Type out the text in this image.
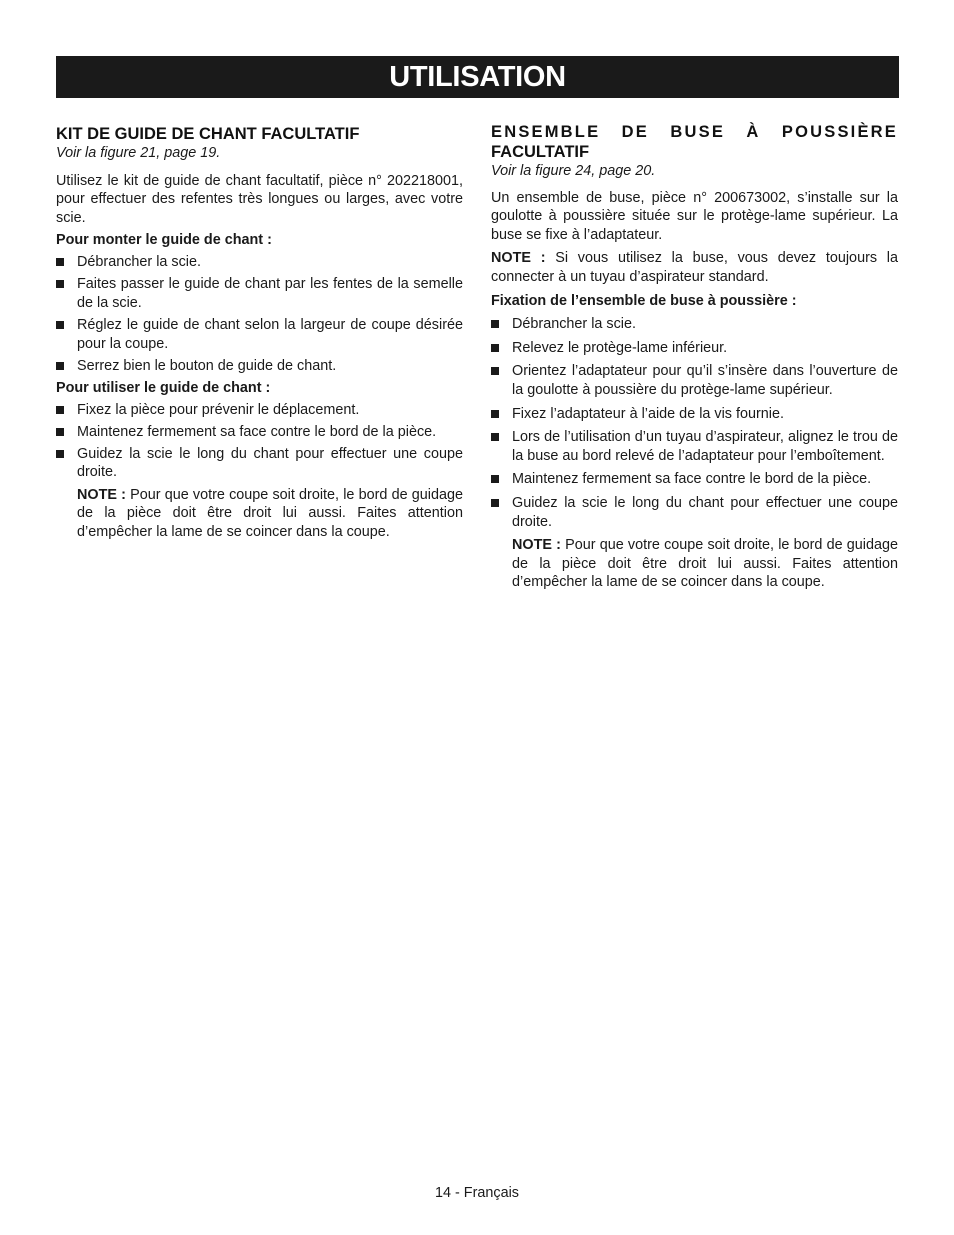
UTILISATION
KIT DE GUIDE DE CHANT FACULTATIF
Voir la figure 21, page 19.

Utilisez le kit de guide de chant facultatif, pièce n° 202218001, pour effectuer des refentes très longues ou larges, avec votre scie.

Pour monter le guide de chant :
Débrancher la scie.
Faites passer le guide de chant par les fentes de la semelle de la scie.
Réglez le guide de chant selon la largeur de coupe désirée pour la coupe.
Serrez bien le bouton de guide de chant.
Pour utiliser le guide de chant :
Fixez la pièce pour prévenir le déplacement.
Maintenez fermement sa face contre le bord de la pièce.
Guidez la scie le long du chant pour effectuer une coupe droite.

NOTE : Pour que votre coupe soit droite, le bord de guidage de la pièce doit être droit lui aussi. Faites attention d’empêcher la lame de se coincer dans la coupe.

ENSEMBLE DE BUSE À POUSSIÈRE
FACULTATIF
Voir la figure 24, page 20.

Un ensemble de buse, pièce n° 200673002, s’installe sur la goulotte à poussière située sur le protège-lame supérieur. La buse se fixe à l’adaptateur.

NOTE : Si vous utilisez la buse, vous devez toujours la connecter à un tuyau d’aspirateur standard.

Fixation de l’ensemble de buse à poussière :
Débrancher la scie.
Relevez le protège-lame inférieur.
Orientez l’adaptateur pour qu’il s’insère dans l’ouverture de la goulotte à poussière du protège-lame supérieur.
Fixez l’adaptateur à l’aide de la vis fournie.
Lors de l’utilisation d’un tuyau d’aspirateur, alignez le trou de la buse au bord relevé de l’adaptateur pour l’emboîtement.
Maintenez fermement sa face contre le bord de la pièce.
Guidez la scie le long du chant pour effectuer une coupe droite.

NOTE : Pour que votre coupe soit droite, le bord de guidage de la pièce doit être droit lui aussi. Faites attention d’empêcher la lame de se coincer dans la coupe.

14 - Français
